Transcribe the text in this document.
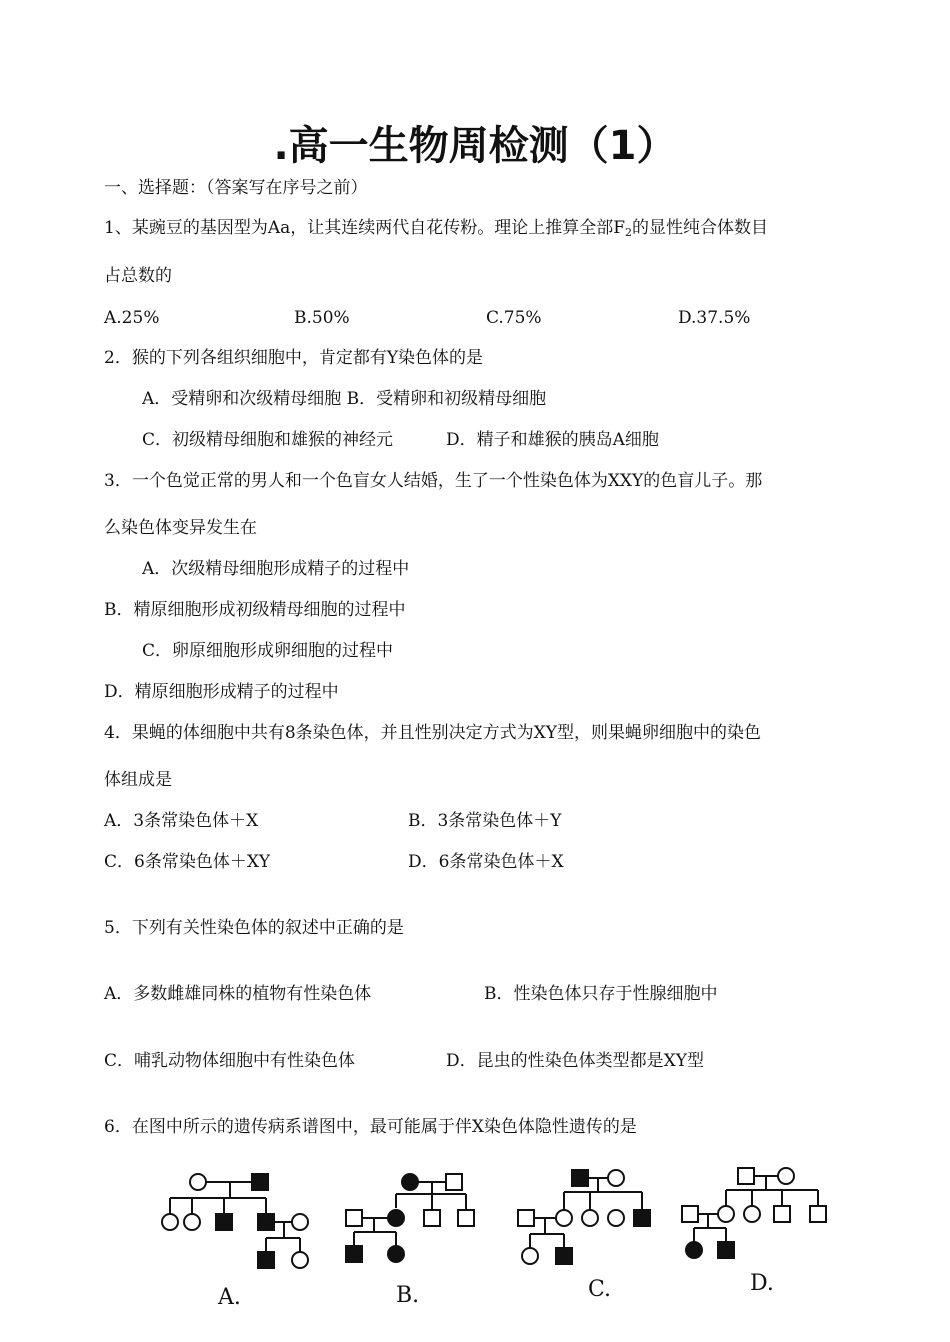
.高一生物周检测（1）
一、选择题：（答案写在序号之前）
1、某豌豆的基因型为Aa，让其连续两代自花传粉。理论上推算全部$F_2$的显性纯合体数目
占总数的
A.25%	B.50%	C.75%	D.37.5%
2．猴的下列各组织细胞中，肯定都有Y染色体的是
A．受精卵和次级精母细胞 B．受精卵和初级精母细胞
C．初级精母细胞和雄猴的神经元	D．精子和雄猴的胰岛A细胞
3．一个色觉正常的男人和一个色盲女人结婚，生了一个性染色体为XXY的色盲儿子。那
么染色体变异发生在
A．次级精母细胞形成精子的过程中
B．精原细胞形成初级精母细胞的过程中
C．卵原细胞形成卵细胞的过程中
D．精原细胞形成精子的过程中
4．果蝇的体细胞中共有8条染色体，并且性别决定方式为XY型，则果蝇卵细胞中的染色
体组成是
A．3条常染色体＋X	B．3条常染色体＋Y
C．6条常染色体＋XY	D．6条常染色体＋X
5．下列有关性染色体的叙述中正确的是
A．多数雌雄同株的植物有性染色体	B．性染色体只存于性腺细胞中
C．哺乳动物体细胞中有性染色体	D．昆虫的性染色体类型都是XY型
6．在图中所示的遗传病系谱图中，最可能属于伴X染色体隐性遗传的是
A.	B.	C.	D.
